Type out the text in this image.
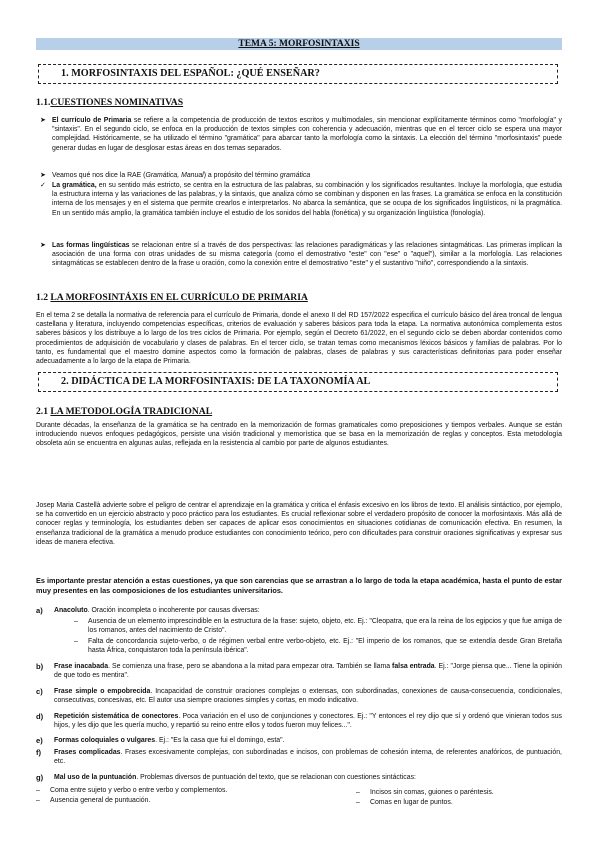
TEMA 5: MORFOSINTAXIS
1. MORFOSINTAXIS DEL ESPAÑOL: ¿QUÉ ENSEÑAR?
1.1.CUESTIONES NOMINATIVAS
➤ El currículo de Primaria se refiere a la competencia de producción de textos escritos y multimodales, sin mencionar explícitamente términos como "morfología" y "sintaxis". En el segundo ciclo, se enfoca en la producción de textos simples con coherencia y adecuación, mientras que en el tercer ciclo se espera una mayor complejidad. Históricamente, se ha utilizado el término "gramática" para abarcar tanto la morfología como la sintaxis. La elección del término "morfosintaxis" puede generar dudas en lugar de desglosar estas áreas en dos temas separados.
➤ Veamos qué nos dice la RAE (Gramática, Manual) a propósito del término gramática
✓ La gramática, en su sentido más estricto, se centra en la estructura de las palabras, su combinación y los significados resultantes. Incluye la morfología, que estudia la estructura interna y las variaciones de las palabras, y la sintaxis, que analiza cómo se combinan y disponen en las frases. La gramática se enfoca en la constitución interna de los mensajes y en el sistema que permite crearlos e interpretarlos. No abarca la semántica, que se ocupa de los significados lingüísticos, ni la pragmática. En un sentido más amplio, la gramática también incluye el estudio de los sonidos del habla (fonética) y su organización lingüística (fonología).
➤ Las formas lingüísticas se relacionan entre sí a través de dos perspectivas: las relaciones paradigmáticas y las relaciones sintagmáticas. Las primeras implican la asociación de una forma con otras unidades de su misma categoría (como el demostrativo "este" con "ese" o "aquel"), similar a la morfología. Las relaciones sintagmáticas se establecen dentro de la frase u oración, como la conexión entre el demostrativo "este" y el sustantivo "niño", correspondiendo a la sintaxis.
1.2 LA MORFOSINTÁXIS EN EL CURRÍCULO DE PRIMARIA
En el tema 2 se detalla la normativa de referencia para el currículo de Primaria, donde el anexo II del RD 157/2022 especifica el currículo básico del área troncal de lengua castellana y literatura, incluyendo competencias específicas, criterios de evaluación y saberes básicos para toda la etapa. La normativa autonómica complementa estos saberes básicos y los distribuye a lo largo de los tres ciclos de Primaria. Por ejemplo, según el Decreto 61/2022, en el segundo ciclo se deben abordar contenidos como procedimientos de adquisición de vocabulario y clases de palabras. En el tercer ciclo, se tratan temas como mecanismos léxicos básicos y familias de palabras. Por lo tanto, es fundamental que el maestro domine aspectos como la formación de palabras, clases de palabras y sus características definitorias para poder enseñar adecuadamente a lo largo de la etapa de Primaria.
2. DIDÁCTICA DE LA MORFOSINTAXIS: DE LA TAXONOMÍA AL
2.1 LA METODOLOGÍA TRADICIONAL
Durante décadas, la enseñanza de la gramática se ha centrado en la memorización de formas gramaticales como preposiciones y tiempos verbales. Aunque se están introduciendo nuevos enfoques pedagógicos, persiste una visión tradicional y memorística que se basa en la memorización de reglas y conceptos. Esta metodología obsoleta aún se encuentra en algunas aulas, reflejada en la resistencia al cambio por parte de algunos estudiantes.
Josep Maria Castellà advierte sobre el peligro de centrar el aprendizaje en la gramática y critica el énfasis excesivo en los libros de texto. El análisis sintáctico, por ejemplo, se ha convertido en un ejercicio abstracto y poco práctico para los estudiantes. Es crucial reflexionar sobre el verdadero propósito de conocer la morfosintaxis. Más allá de conocer reglas y terminología, los estudiantes deben ser capaces de aplicar esos conocimientos en situaciones cotidianas de comunicación efectiva. En resumen, la enseñanza tradicional de la gramática a menudo produce estudiantes con conocimiento teórico, pero con dificultades para construir oraciones significativas y expresar sus ideas de manera efectiva.
Es importante prestar atención a estas cuestiones, ya que son carencias que se arrastran a lo largo de toda la etapa académica, hasta el punto de estar muy presentes en las composiciones de los estudiantes universitarios.
a) Anacoluto. Oración incompleta o incoherente por causas diversas:
– Ausencia de un elemento imprescindible en la estructura de la frase: sujeto, objeto, etc. Ej.: "Cleopatra, que era la reina de los egipcios y que fue amiga de los romanos, antes del nacimiento de Cristo".
– Falta de concordancia sujeto-verbo, o de régimen verbal entre verbo-objeto, etc. Ej.: "El imperio de los romanos, que se extendía desde Gran Bretaña hasta África, conquistaron toda la península ibérica".
b) Frase inacabada. Se comienza una frase, pero se abandona a la mitad para empezar otra. También se llama falsa entrada. Ej.: "Jorge piensa que... Tiene la opinión de que todo es mentira".
c) Frase simple o empobrecida. Incapacidad de construir oraciones complejas o extensas, con subordinadas, conexiones de causa-consecuencia, condicionales, consecutivas, concesivas, etc. El autor usa siempre oraciones simples y cortas, en modo indicativo.
d) Repetición sistemática de conectores. Poca variación en el uso de conjunciones y conectores. Ej.: "Y entonces el rey dijo que sí y ordenó que vinieran todos sus hijos, y les dijo que les quería mucho, y repartió su reino entre ellos y todos fueron muy felices...".
e) Formas coloquiales o vulgares. Ej.: "Es la casa que fui el domingo, esta".
f) Frases complicadas. Frases excesivamente complejas, con subordinadas e incisos, con problemas de cohesión interna, de referentes anafóricos, de puntuación, etc.
g) Mal uso de la puntuación. Problemas diversos de puntuación del texto, que se relacionan con cuestiones sintácticas:
– Coma entre sujeto y verbo o entre verbo y complementos.
– Ausencia general de puntuación.
– Incisos sin comas, guiones o paréntesis.
– Comas en lugar de puntos.
